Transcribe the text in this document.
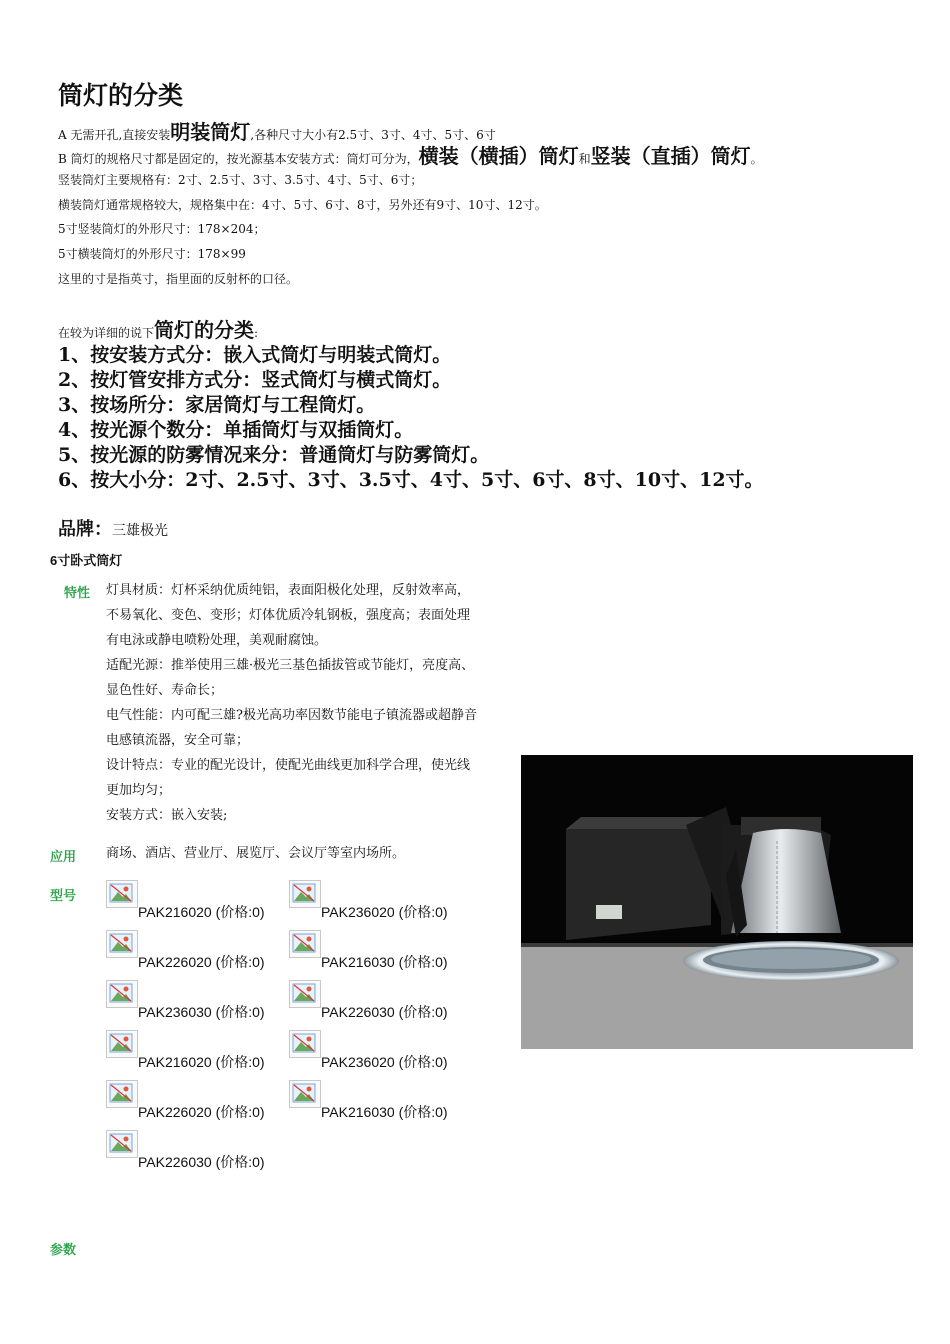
筒灯的分类
A 无需开孔,直接安装明装筒灯,各种尺寸大小有2.5寸、3寸、4寸、5寸、6寸
B 筒灯的规格尺寸都是固定的，按光源基本安装方式：筒灯可分为，横装（横插）筒灯和竖装（直插）筒灯。
竖装筒灯主要规格有：2寸、2.5寸、3寸、3.5寸、4寸、5寸、6寸；
横装筒灯通常规格较大，规格集中在：4寸、5寸、6寸、8寸，另外还有9寸、10寸、12寸。
5寸竖装筒灯的外形尺寸：178×204；
5寸横装筒灯的外形尺寸：178×99
这里的寸是指英寸，指里面的反射杯的口径。
在较为详细的说下筒灯的分类:
1、按安装方式分：嵌入式筒灯与明装式筒灯。
2、按灯管安排方式分：竖式筒灯与横式筒灯。
3、按场所分：家居筒灯与工程筒灯。
4、按光源个数分：单插筒灯与双插筒灯。
5、按光源的防雾情况来分：普通筒灯与防雾筒灯。
6、按大小分：2寸、2.5寸、3寸、3.5寸、4寸、5寸、6寸、8寸、10寸、12寸。
品牌：三雄极光
6寸卧式筒灯
特性 灯具材质：灯杯采纳优质纯铝，表面阳极化处理，反射效率高，
不易氧化、变色、变形；灯体优质冷轧钢板，强度高；表面处理
有电泳或静电喷粉处理，美观耐腐蚀。
适配光源：推举使用三雄·极光三基色插拔管或节能灯，亮度高、
显色性好、寿命长；
电气性能：内可配三雄?极光高功率因数节能电子镇流器或超静音
电感镇流器，安全可靠；
设计特点：专业的配光设计，使配光曲线更加科学合理，使光线
更加均匀；
安装方式：嵌入安装;
应用 商场、酒店、营业厅、展览厅、会议厅等室内场所。
型号
PAK216020 (价格:0)	PAK236020 (价格:0)
PAK226020 (价格:0)	PAK216030 (价格:0)
PAK236030 (价格:0)	PAK226030 (价格:0)
PAK216020 (价格:0)	PAK236020 (价格:0)
PAK226020 (价格:0)	PAK216030 (价格:0)
PAK226030 (价格:0)
参数
